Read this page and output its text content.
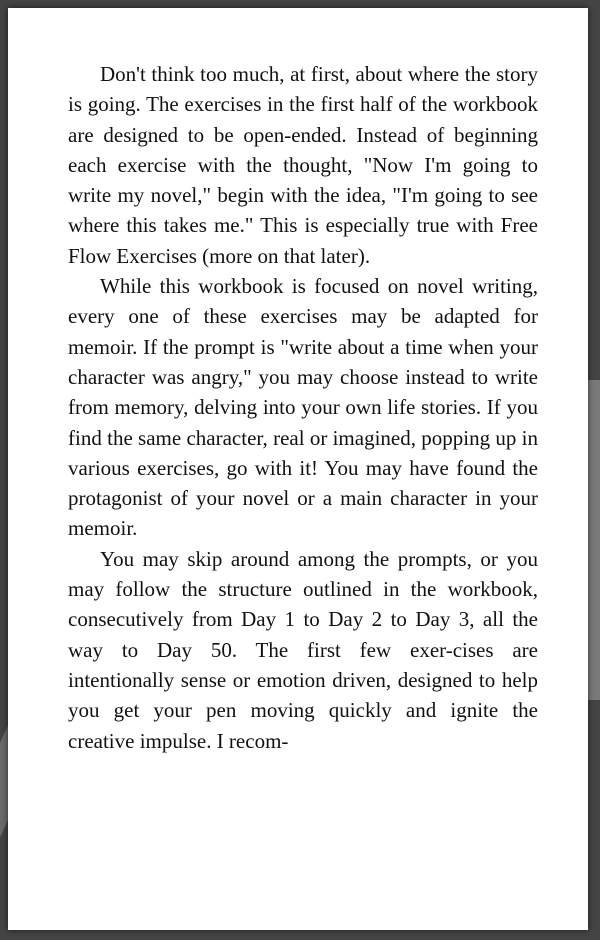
Don't think too much, at first, about where the story is going. The exercises in the first half of the workbook are designed to be open-ended. Instead of beginning each exercise with the thought, "Now I'm going to write my novel," begin with the idea, "I'm going to see where this takes me." This is especially true with Free Flow Exercises (more on that later).

While this workbook is focused on novel writing, every one of these exercises may be adapted for memoir. If the prompt is "write about a time when your character was angry," you may choose instead to write from memory, delving into your own life stories. If you find the same character, real or imagined, popping up in various exercises, go with it! You may have found the protagonist of your novel or a main character in your memoir.

You may skip around among the prompts, or you may follow the structure outlined in the workbook, consecutively from Day 1 to Day 2 to Day 3, all the way to Day 50. The first few exer-cises are intentionally sense or emotion driven, designed to help you get your pen moving quickly and ignite the creative impulse. I recom-
